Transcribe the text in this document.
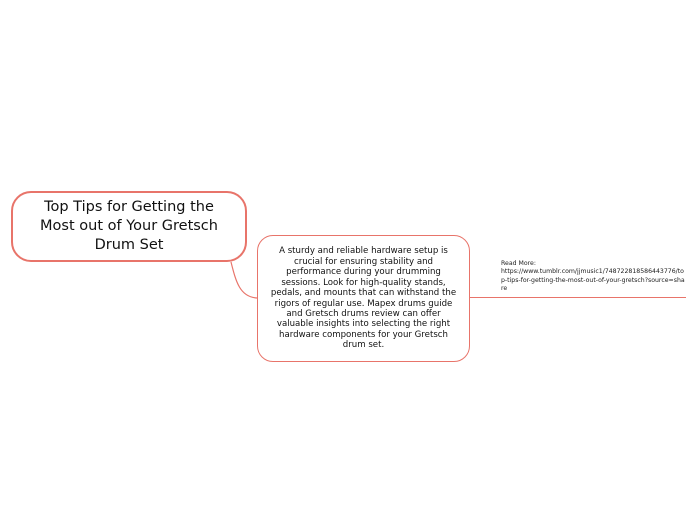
Top Tips for Getting the Most out of Your Gretsch Drum Set	A sturdy and reliable hardware setup is crucial for ensuring stability and performance during your drumming sessions. Look for high-quality stands, pedals, and mounts that can withstand the rigors of regular use. Mapex drums guide and Gretsch drums review can offer valuable insights into selecting the right hardware components for your Gretsch drum set.
Read More:
https://www.tumblr.com/jjmusic1/748722818586443776/top-tips-for-getting-the-most-out-of-your-gretsch?source=share
